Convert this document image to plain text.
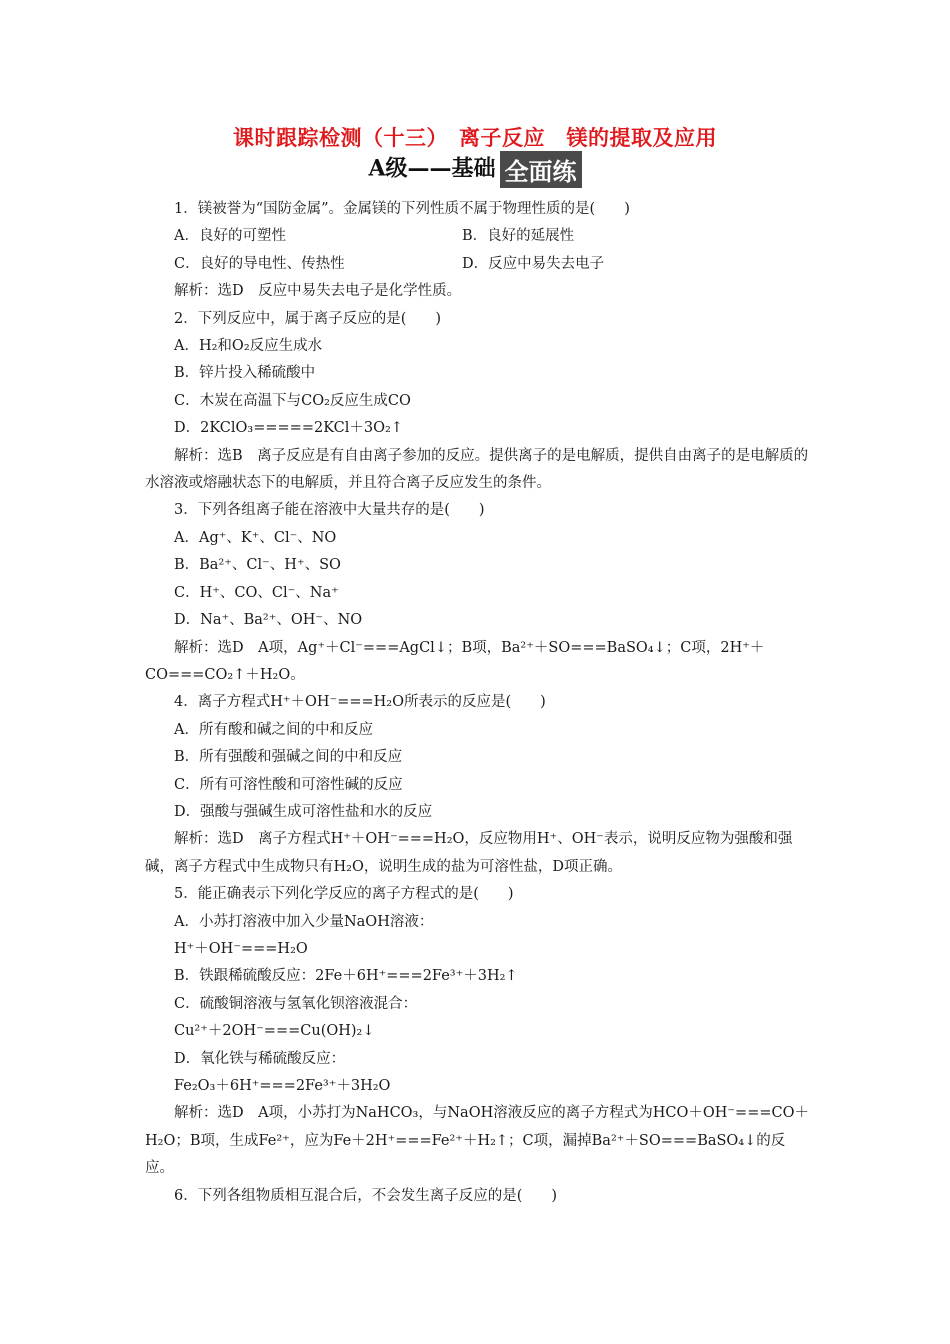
课时跟踪检测（十三）　离子反应　镁的提取及应用
A级——基础 全面练

1．镁被誉为“国防金属”。金属镁的下列性质不属于物理性质的是(　　)

A．良好的可塑性	B．良好的延展性
C．良好的导电性、传热性	D．反应中易失去电子

解析：选D　反应中易失去电子是化学性质。

2．下列反应中，属于离子反应的是(　　)

A．H₂和O₂反应生成水

B．锌片投入稀硫酸中

C．木炭在高温下与CO₂反应生成CO

D．2KClO₃=====2KCl＋3O₂↑

解析：选B　离子反应是有自由离子参加的反应。提供离子的是电解质，提供自由离子的是电解质的水溶液或熔融状态下的电解质，并且符合离子反应发生的条件。

3．下列各组离子能在溶液中大量共存的是(　　)

A．Ag⁺、K⁺、Cl⁻、NO

B．Ba²⁺、Cl⁻、H⁺、SO

C．H⁺、CO、Cl⁻、Na⁺

D．Na⁺、Ba²⁺、OH⁻、NO

解析：选D　A项，Ag⁺＋Cl⁻===AgCl↓；B项，Ba²⁺＋SO===BaSO₄↓；C项，2H⁺＋CO===CO₂↑＋H₂O。

4．离子方程式H⁺＋OH⁻===H₂O所表示的反应是(　　)

A．所有酸和碱之间的中和反应

B．所有强酸和强碱之间的中和反应

C．所有可溶性酸和可溶性碱的反应

D．强酸与强碱生成可溶性盐和水的反应

解析：选D　离子方程式H⁺＋OH⁻===H₂O，反应物用H⁺、OH⁻表示，说明反应物为强酸和强碱，离子方程式中生成物只有H₂O，说明生成的盐为可溶性盐，D项正确。

5．能正确表示下列化学反应的离子方程式的是(　　)

A．小苏打溶液中加入少量NaOH溶液：

H⁺＋OH⁻===H₂O

B．铁跟稀硫酸反应：2Fe＋6H⁺===2Fe³⁺＋3H₂↑

C．硫酸铜溶液与氢氧化钡溶液混合：

Cu²⁺＋2OH⁻===Cu(OH)₂↓

D．氧化铁与稀硫酸反应：

Fe₂O₃＋6H⁺===2Fe³⁺＋3H₂O

解析：选D　A项，小苏打为NaHCO₃，与NaOH溶液反应的离子方程式为HCO＋OH⁻===CO＋H₂O；B项，生成Fe²⁺，应为Fe＋2H⁺===Fe²⁺＋H₂↑；C项，漏掉Ba²⁺＋SO===BaSO₄↓的反应。

6．下列各组物质相互混合后，不会发生离子反应的是(　　)
